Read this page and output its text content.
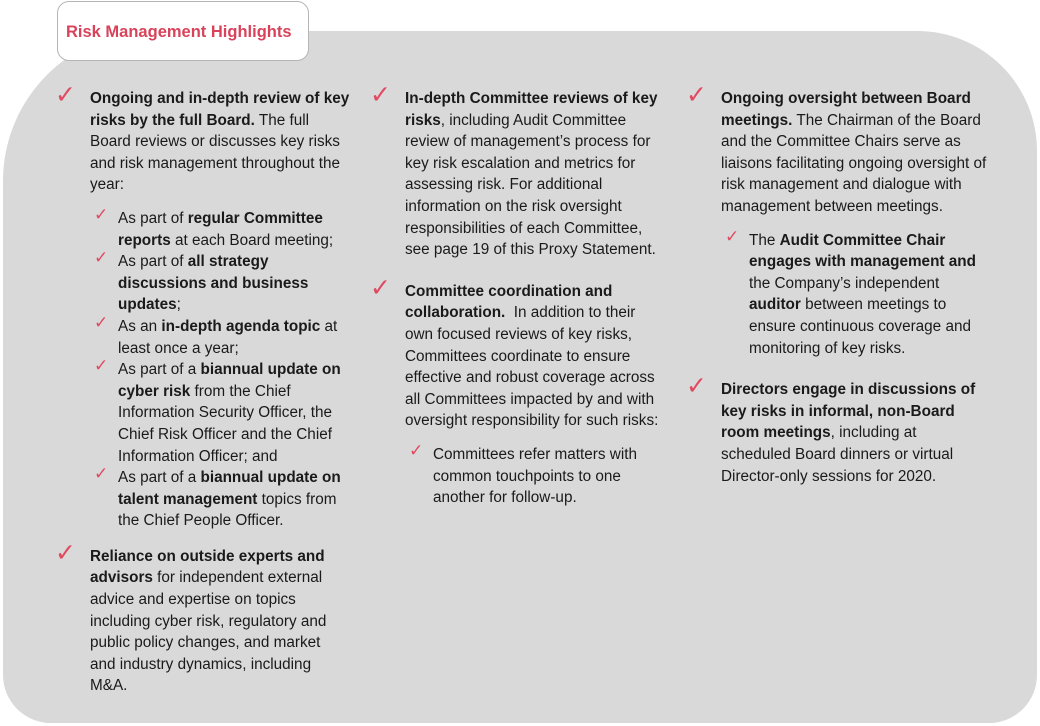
Risk Management Highlights
✓ Ongoing and in-depth review of key risks by the full Board. The full Board reviews or discusses key risks and risk management throughout the year:
✓ As part of regular Committee reports at each Board meeting;
✓ As part of all strategy discussions and business updates;
✓ As an in-depth agenda topic at least once a year;
✓ As part of a biannual update on cyber risk from the Chief Information Security Officer, the Chief Risk Officer and the Chief Information Officer; and
✓ As part of a biannual update on talent management topics from the Chief People Officer.
✓ Reliance on outside experts and advisors for independent external advice and expertise on topics including cyber risk, regulatory and public policy changes, and market and industry dynamics, including M&A.
✓ In-depth Committee reviews of key risks, including Audit Committee review of management’s process for key risk escalation and metrics for assessing risk. For additional information on the risk oversight responsibilities of each Committee, see page 19 of this Proxy Statement.
✓ Committee coordination and collaboration. In addition to their own focused reviews of key risks, Committees coordinate to ensure effective and robust coverage across all Committees impacted by and with oversight responsibility for such risks:
✓ Committees refer matters with common touchpoints to one another for follow-up.
✓ Ongoing oversight between Board meetings. The Chairman of the Board and the Committee Chairs serve as liaisons facilitating ongoing oversight of risk management and dialogue with management between meetings.
✓ The Audit Committee Chair engages with management and the Company’s independent auditor between meetings to ensure continuous coverage and monitoring of key risks.
✓ Directors engage in discussions of key risks in informal, non-Board room meetings, including at scheduled Board dinners or virtual Director-only sessions for 2020.
